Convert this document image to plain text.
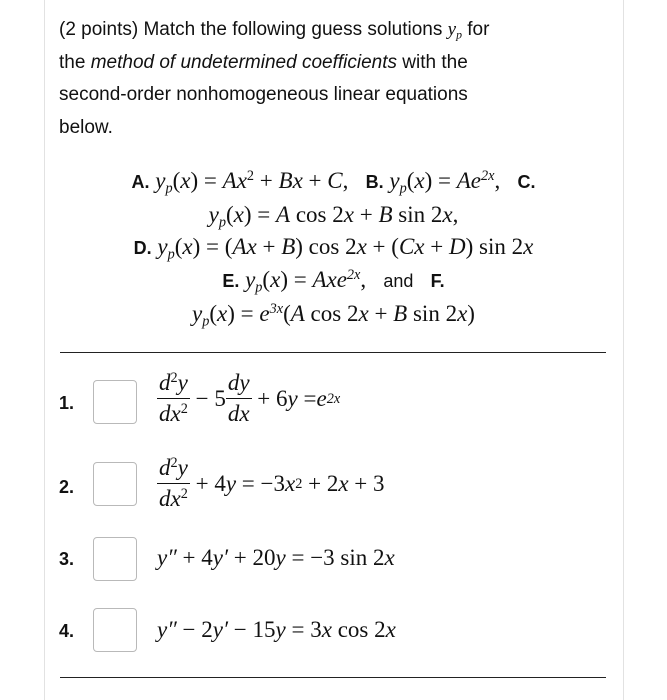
(2 points) Match the following guess solutions $y_p$ for
the method of undetermined coefficients with the
second-order nonhomogeneous linear equations
below.
A. $y_p(x) = Ax^2 + Bx + C$, B. $y_p(x) = Ae^{2x}$, C.
$y_p(x) = A$ cos 2x + B sin 2x,
D. $y_p(x) = (Ax + B)$ cos 2x + (Cx + D) sin 2x
E. $y_p(x) = Axe^{2x}$, and F.
$y_p(x) = e^{3x}(A$ cos 2x + B sin 2x)
1.	$\frac{d^2y}{dx^2} - 5 \frac{dy}{dx} + 6$ y = e 2x
2.	$\frac{d^2y}{dx^2} + 4$ y = −3 x 2 + 2 x + 3
3.	y″ + 4y′ + 20y = −3 sin 2x
4.	y″ − 2y′ − 15y = 3x cos 2x
